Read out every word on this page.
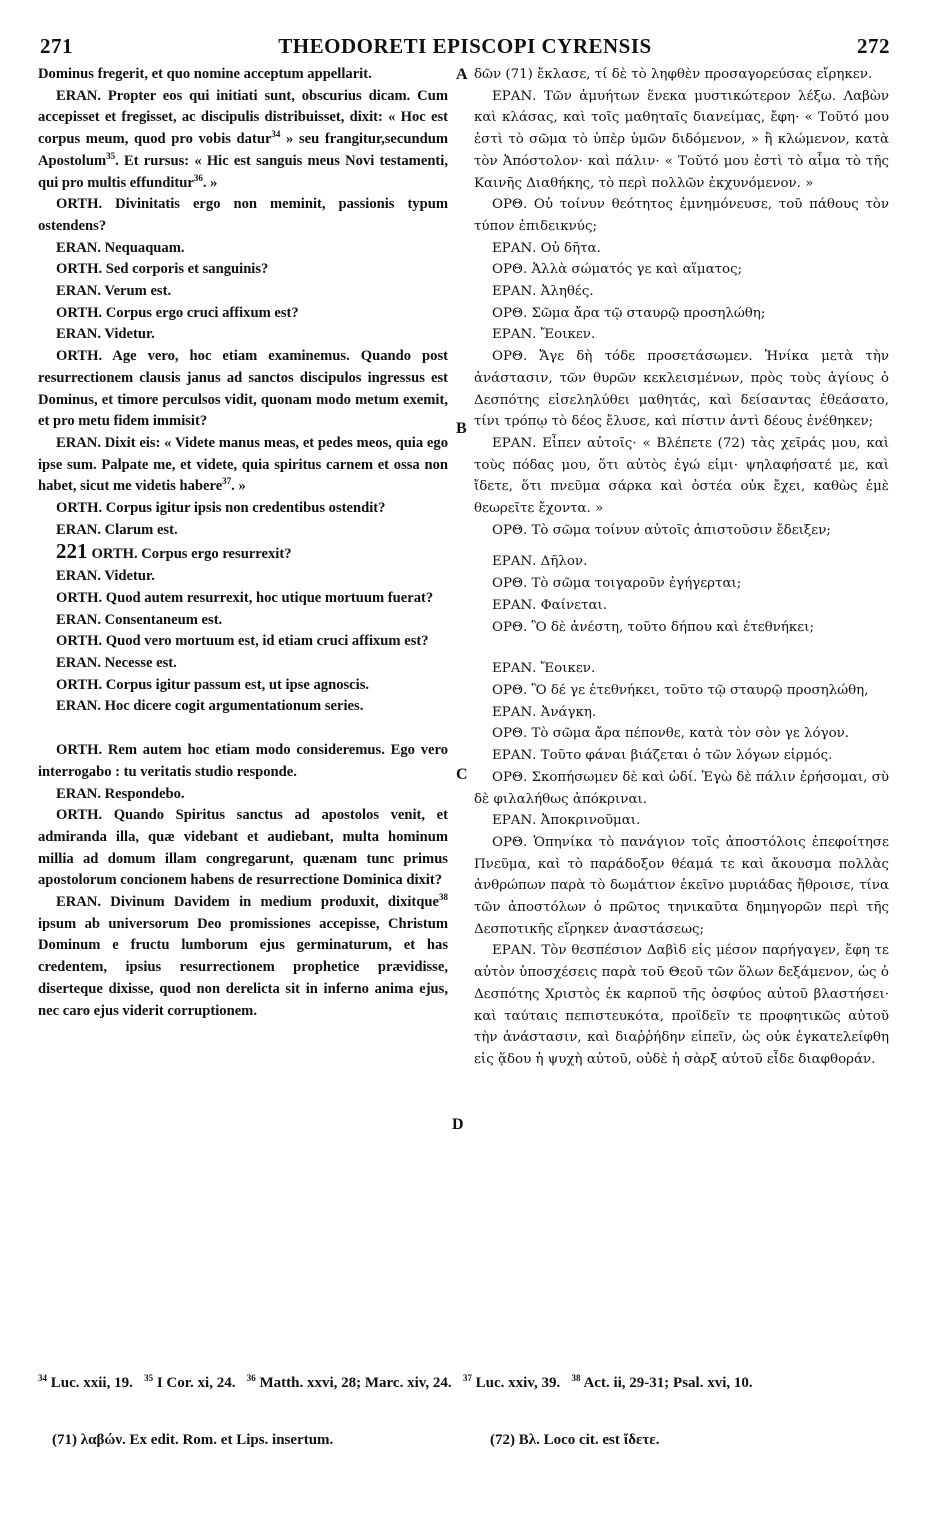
271	THEODORETI EPISCOPI CYRENSIS	272
A
B
C
D

Dominus fregerit, et quo nomine acceptum appellarit.

ERAN. Propter eos qui initiati sunt, obscurius dicam. Cum accepisset et fregisset, ac discipulis distribuisset, dixit: « Hoc est corpus meum, quod pro vobis datur$^{34}$ » seu frangitur,secundum Apostolum$^{35}$. Et rursus: « Hic est sanguis meus Novi testamenti, qui pro multis effunditur$^{36}$. »

ORTH. Divinitatis ergo non meminit, passionis typum ostendens?

ERAN. Nequaquam.

ORTH. Sed corporis et sanguinis?

ERAN. Verum est.

ORTH. Corpus ergo cruci affixum est?

ERAN. Videtur.

ORTH. Age vero, hoc etiam examinemus. Quando post resurrectionem clausis janus ad sanctos discipulos ingressus est Dominus, et timore perculsos vidit, quonam modo metum exemit, et pro metu fidem immisit?

ERAN. Dixit eis: « Videte manus meas, et pedes meos, quia ego ipse sum. Palpate me, et videte, quia spiritus carnem et ossa non habet, sicut me videtis habere$^{37}$. »

ORTH. Corpus igitur ipsis non credentibus ostendit?

ERAN. Clarum est.

221 ORTH. Corpus ergo resurrexit?

ERAN. Videtur.

ORTH. Quod autem resurrexit, hoc utique mortuum fuerat?

ERAN. Consentaneum est.

ORTH. Quod vero mortuum est, id etiam cruci affixum est?

ERAN. Necesse est.

ORTH. Corpus igitur passum est, ut ipse agnoscis.

ERAN. Hoc dicere cogit argumentationum series.

ORTH. Rem autem hoc etiam modo consideremus. Ego vero interrogabo : tu veritatis studio responde.

ERAN. Respondebo.

ORTH. Quando Spiritus sanctus ad apostolos venit, et admiranda illa, quæ videbant et audiebant, multa hominum millia ad domum illam congregarunt, quænam tunc primus apostolorum concionem habens de resurrectione Dominica dixit?

ERAN. Divinum Davidem in medium produxit, dixitque$^{38}$ ipsum ab universorum Deo promissiones accepisse, Christum Dominum e fructu lumborum ejus germinaturum, et has credentem, ipsius resurrectionem prophetice prævidisse, diserteque dixisse, quod non derelicta sit in inferno anima ejus, nec caro ejus viderit corruptionem.

δῶν (71) ἔκλασε, τί δὲ τὸ ληφθὲν προσαγορεύσας εἴρηκεν.

ΕΡΑΝ. Τῶν ἀμυήτων ἕνεκα μυστικώτερον λέξω. Λαβὼν καὶ κλάσας, καὶ τοῖς μαθηταῖς διανείμας, ἔφη· « Τοῦτό μου ἐστὶ τὸ σῶμα τὸ ὑπὲρ ὑμῶν διδόμενον, » ἢ κλώμενον, κατὰ τὸν Ἀπόστολον· καὶ πάλιν· « Τοῦτό μου ἐστὶ τὸ αἷμα τὸ τῆς Καινῆς Διαθήκης, τὸ περὶ πολλῶν ἐκχυνόμενον. »

ΟΡΘ. Οὐ τοίνυν θεότητος ἐμνημόνευσε, τοῦ πάθους τὸν τύπον ἐπιδεικνύς;

ΕΡΑΝ. Οὐ δῆτα.

ΟΡΘ. Ἀλλὰ σώματός γε καὶ αἵματος;

ΕΡΑΝ. Ἀληθές.

ΟΡΘ. Σῶμα ἄρα τῷ σταυρῷ προσηλώθη;

ΕΡΑΝ. Ἔοικεν.

ΟΡΘ. Ἄγε δὴ τόδε προσετάσωμεν. Ἡνίκα μετὰ τὴν ἀνάστασιν, τῶν θυρῶν κεκλεισμένων, πρὸς τοὺς ἁγίους ὁ Δεσπότης εἰσεληλύθει μαθητάς, καὶ δείσαντας ἐθεάσατο, τίνι τρόπῳ τὸ δέος ἔλυσε, καὶ πίστιν ἀντὶ δέους ἐνέθηκεν;

ΕΡΑΝ. Εἶπεν αὐτοῖς· « Βλέπετε (72) τὰς χεῖράς μου, καὶ τοὺς πόδας μου, ὅτι αὐτὸς ἐγώ εἰμι· ψηλαφήσατέ με, καὶ ἴδετε, ὅτι πνεῦμα σάρκα καὶ ὀστέα οὐκ ἔχει, καθὼς ἐμὲ θεωρεῖτε ἔχοντα. »

ΟΡΘ. Τὸ σῶμα τοίνυν αὐτοῖς ἀπιστοῦσιν ἔδειξεν;

ΕΡΑΝ. Δῆλον.

ΟΡΘ. Τὸ σῶμα τοιγαροῦν ἐγήγερται;

ΕΡΑΝ. Φαίνεται.

ΟΡΘ. Ὃ δὲ ἀνέστη, τοῦτο δήπου καὶ ἐτεθνήκει;

ΕΡΑΝ. Ἔοικεν.

ΟΡΘ. Ὃ δέ γε ἐτεθνήκει, τοῦτο τῷ σταυρῷ προσηλώθη,

ΕΡΑΝ. Ἀνάγκη.

ΟΡΘ. Τὸ σῶμα ἄρα πέπονθε, κατὰ τὸν σὸν γε λόγον.

ΕΡΑΝ. Τοῦτο φάναι βιάζεται ὁ τῶν λόγων εἱρμός.

ΟΡΘ. Σκοπήσωμεν δὲ καὶ ὡδί. Ἐγὼ δὲ πάλιν ἐρήσομαι, σὺ δὲ φιλαλήθως ἀπόκριναι.

ΕΡΑΝ. Ἀποκρινοῦμαι.

ΟΡΘ. Ὁπηνίκα τὸ πανάγιον τοῖς ἀποστόλοις ἐπεφοίτησε Πνεῦμα, καὶ τὸ παράδοξον θέαμά τε καὶ ἄκουσμα πολλὰς ἀνθρώπων παρὰ τὸ δωμάτιον ἐκεῖνο μυριάδας ἤθροισε, τίνα τῶν ἀποστόλων ὁ πρῶτος τηνικαῦτα δημηγορῶν περὶ τῆς Δεσποτικῆς εἴρηκεν ἀναστάσεως;

ΕΡΑΝ. Τὸν θεσπέσιον Δαβὶδ εἰς μέσον παρήγαγεν, ἔφη τε αὐτὸν ὑποσχέσεις παρὰ τοῦ Θεοῦ τῶν ὅλων δεξάμενον, ὡς ὁ Δεσπότης Χριστὸς ἐκ καρποῦ τῆς ὀσφύος αὐτοῦ βλαστήσει· καὶ ταύταις πεπιστευκότα, προϊδεῖν τε προφητικῶς αὐτοῦ τὴν ἀνάστασιν, καὶ διαῤῥήδην εἰπεῖν, ὡς οὐκ ἐγκατελείφθη εἰς ᾅδου ἡ ψυχὴ αὐτοῦ, οὐδὲ ἡ σὰρξ αὐτοῦ εἶδε διαφθοράν.

$^{34}$ Luc. xxii, 19. $^{35}$ I Cor. xi, 24. $^{36}$ Matth. xxvi, 28; Marc. xiv, 24. $^{37}$ Luc. xxiv, 39. $^{38}$ Act. ii, 29-31; Psal. xvi, 10.
(71) λαβών. Ex edit. Rom. et Lips. insertum.	(72) Βλ. Loco cit. est ἴδετε.
